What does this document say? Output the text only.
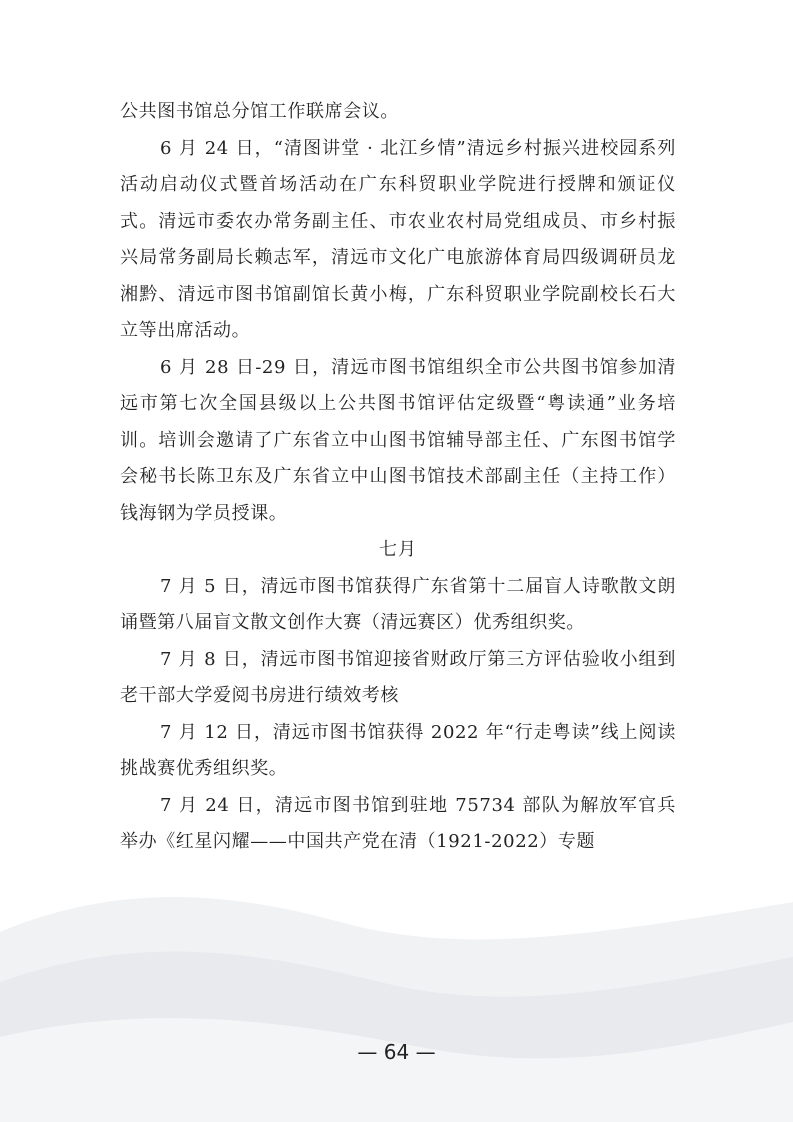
公共图书馆总分馆工作联席会议。

6 月 24 日，“清图讲堂 · 北江乡情”清远乡村振兴进校园系列活动启动仪式暨首场活动在广东科贸职业学院进行授牌和颁证仪式。清远市委农办常务副主任、市农业农村局党组成员、市乡村振兴局常务副局长赖志军，清远市文化广电旅游体育局四级调研员龙湘黔、清远市图书馆副馆长黄小梅，广东科贸职业学院副校长石大立等出席活动。

6 月 28 日-29 日，清远市图书馆组织全市公共图书馆参加清远市第七次全国县级以上公共图书馆评估定级暨“粤读通”业务培训。培训会邀请了广东省立中山图书馆辅导部主任、广东图书馆学会秘书长陈卫东及广东省立中山图书馆技术部副主任（主持工作）钱海钢为学员授课。

七月

7 月 5 日，清远市图书馆获得广东省第十二届盲人诗歌散文朗诵暨第八届盲文散文创作大赛（清远赛区）优秀组织奖。

7 月 8 日，清远市图书馆迎接省财政厅第三方评估验收小组到老干部大学爱阅书房进行绩效考核

7 月 12 日，清远市图书馆获得 2022 年“行走粤读”线上阅读挑战赛优秀组织奖。

7 月 24 日，清远市图书馆到驻地 75734 部队为解放军官兵举办《红星闪耀——中国共产党在清（1921-2022）专题

— 64 —
